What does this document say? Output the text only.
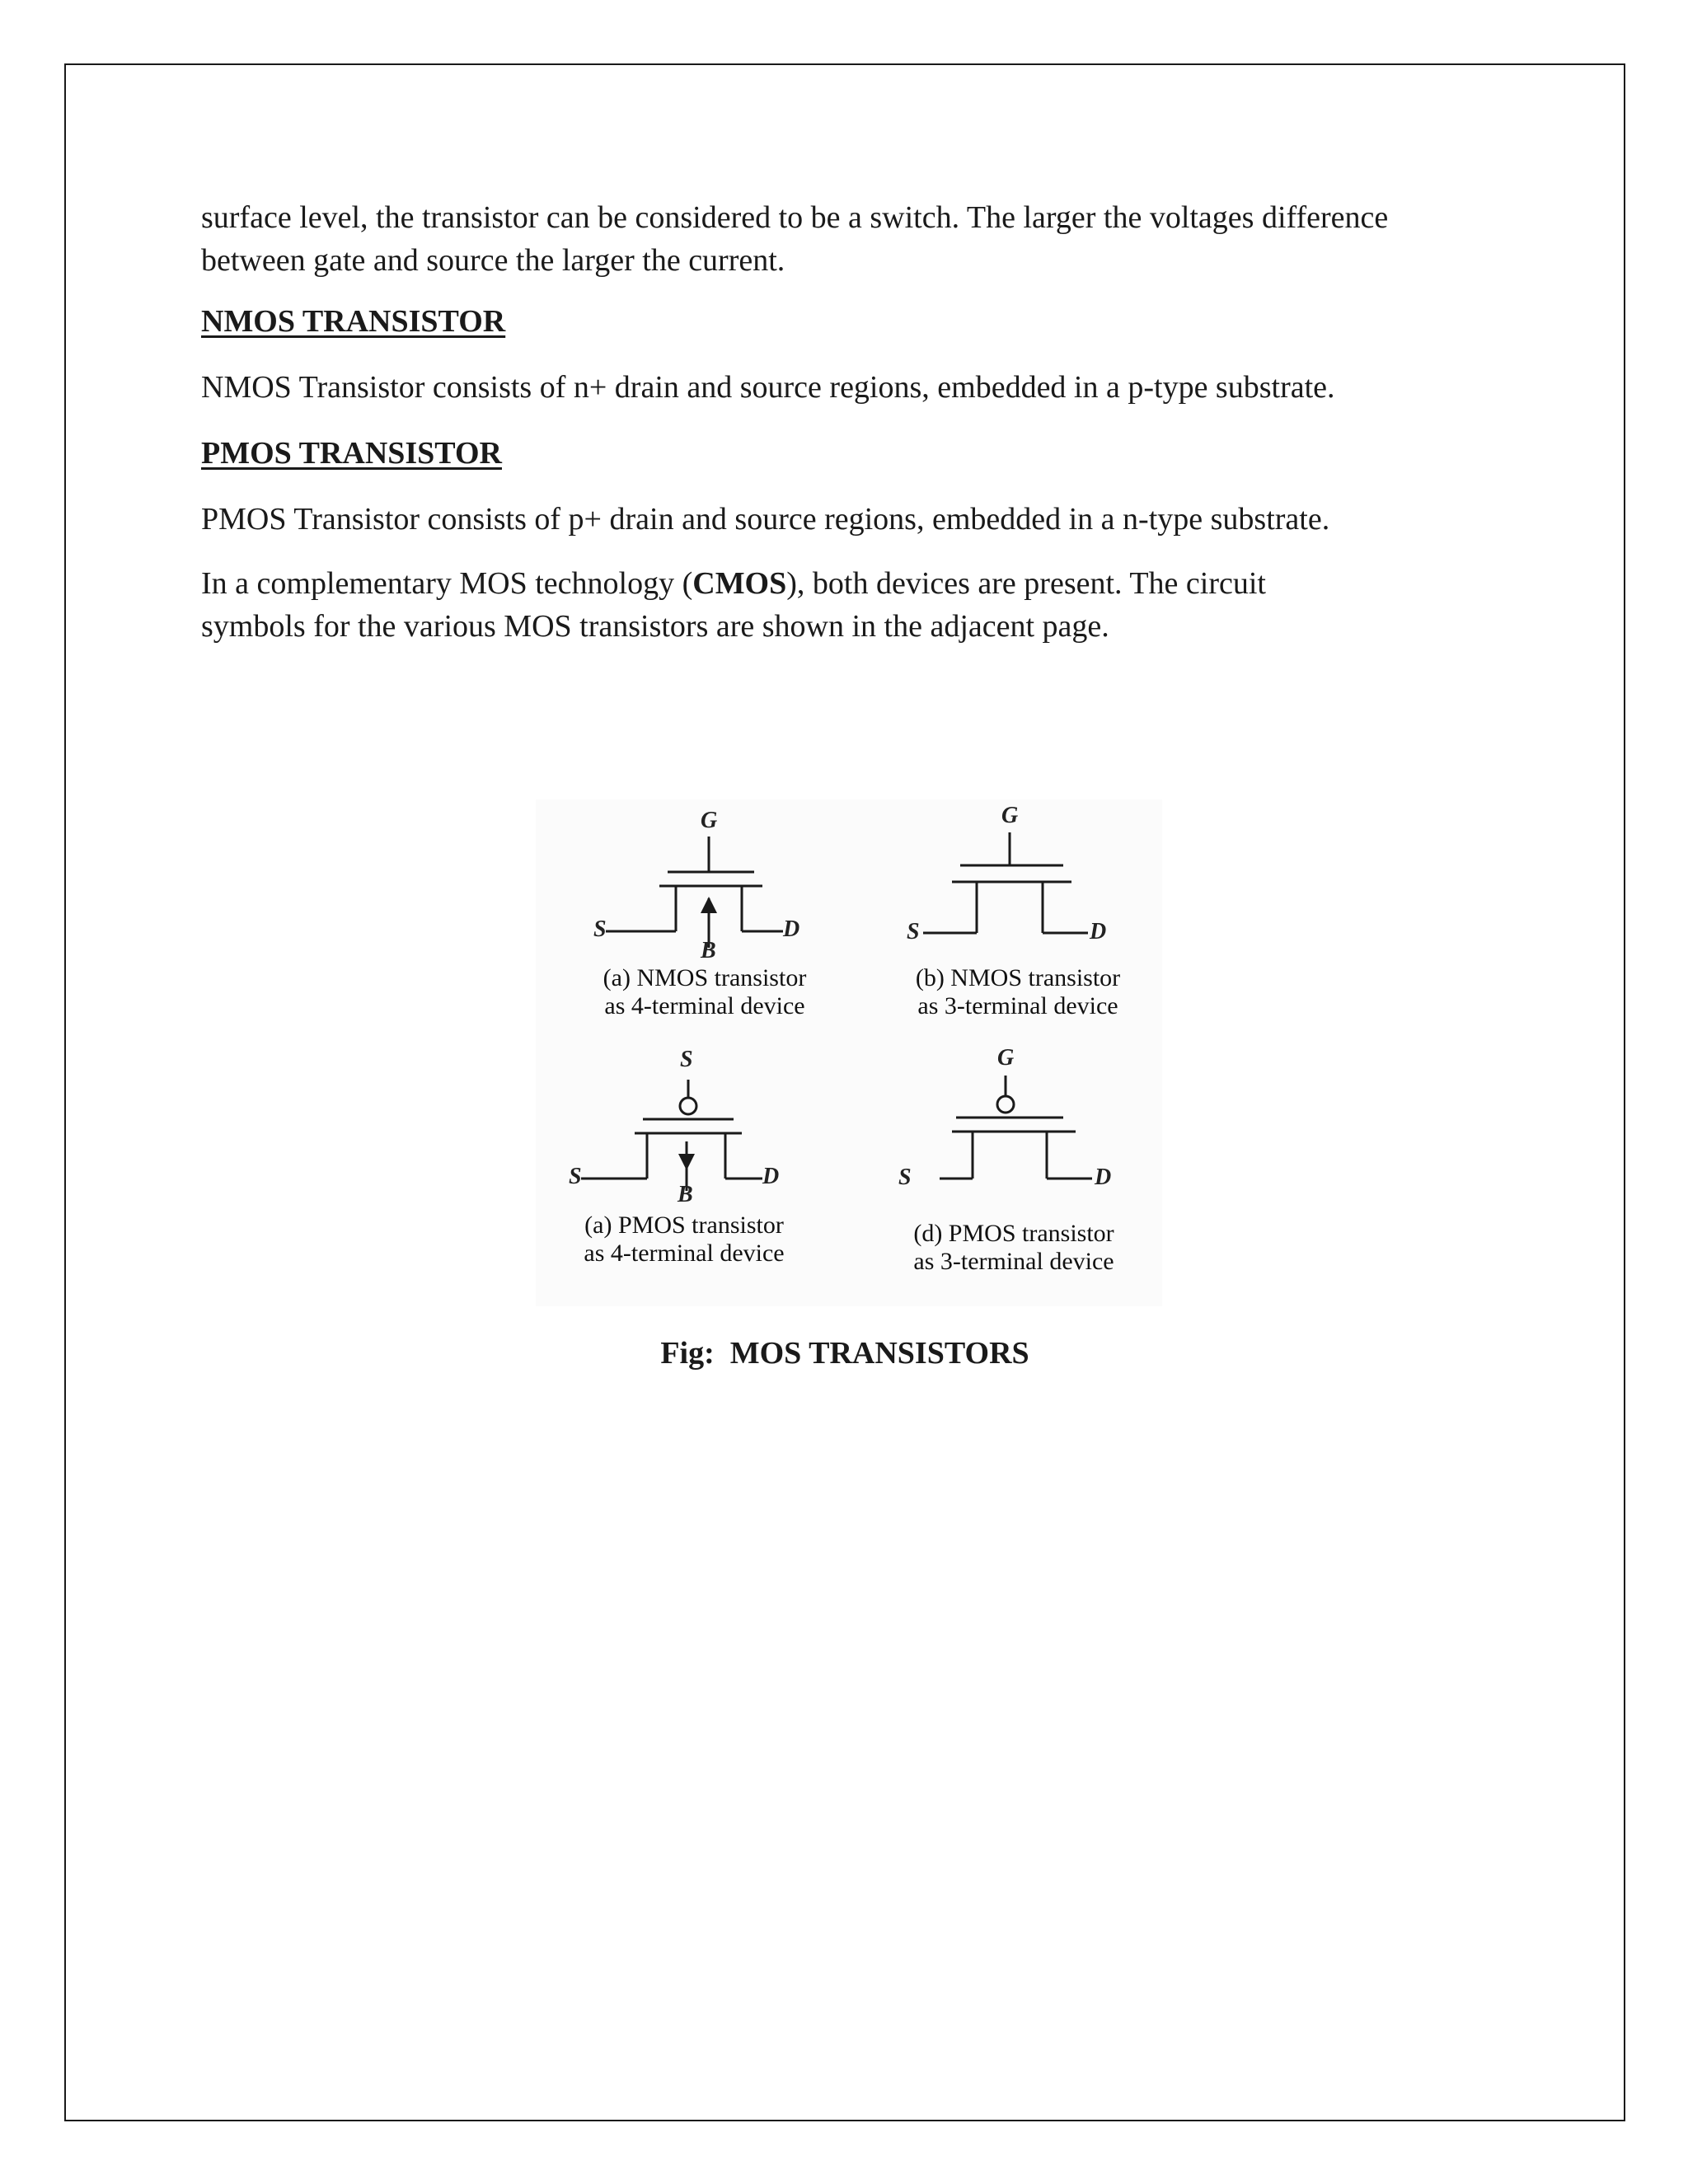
surface level, the transistor can be considered to be a switch. The larger the voltages difference

between gate and source the larger the current.

NMOS TRANSISTOR

NMOS Transistor consists of n+ drain and source regions, embedded in a p-type substrate.

PMOS TRANSISTOR

PMOS Transistor consists of p+ drain and source regions, embedded in a n-type substrate.

In a complementary MOS technology (CMOS), both devices are present. The circuit

symbols for the various MOS transistors are shown in the adjacent page.

G
S	D
B
(a) NMOS transistor
as 4-terminal device
G
S	D
(b) NMOS transistor
as 3-terminal device
S
S	D
B
(a) PMOS transistor
as 4-terminal device
G
S	D
(d) PMOS transistor
as 3-terminal device
Fig:  MOS TRANSISTORS
